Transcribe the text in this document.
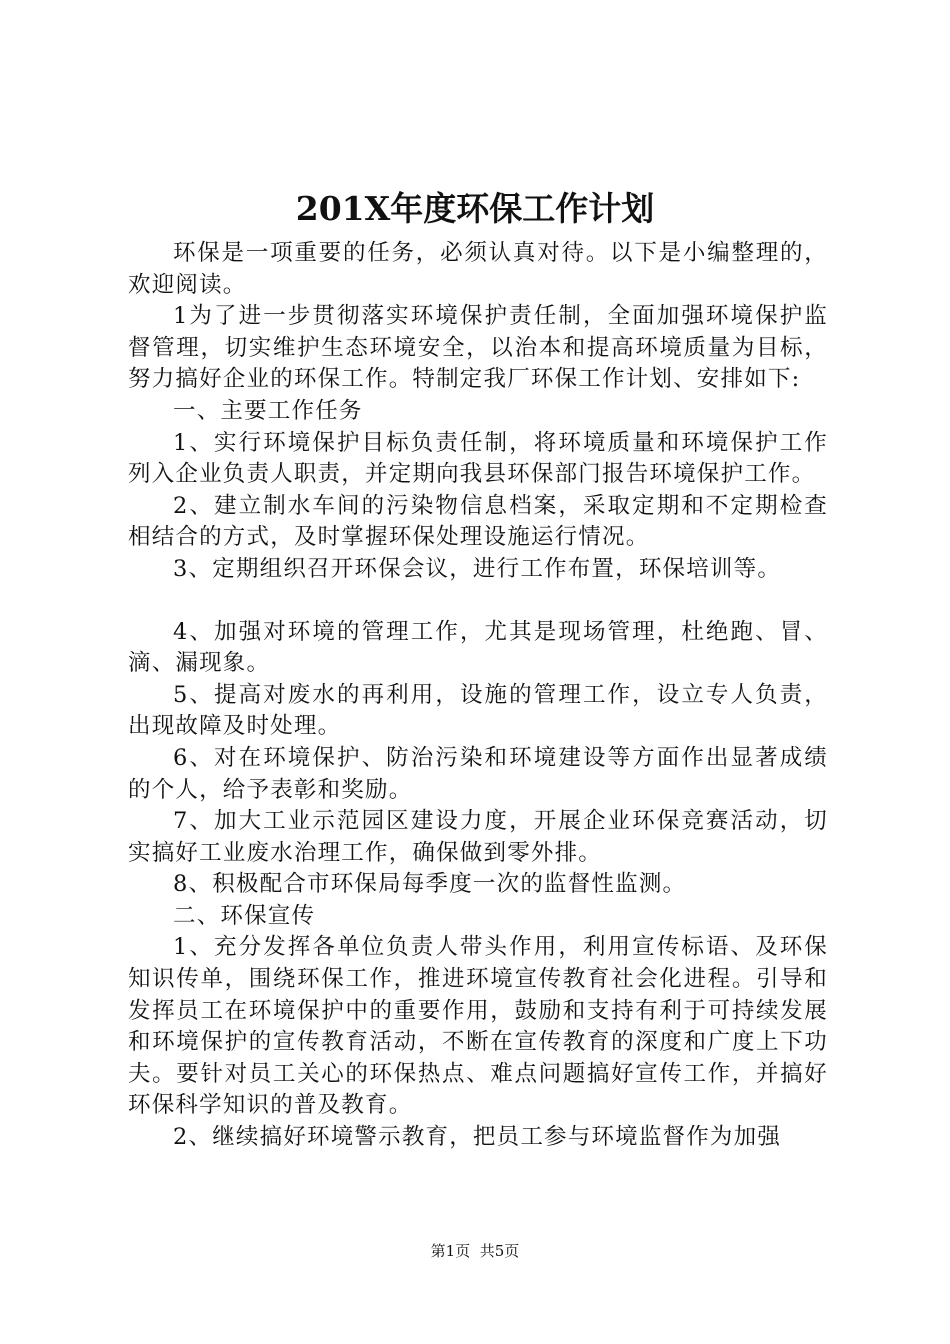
201X年度环保工作计划

环保是一项重要的任务，必须认真对待。以下是小编整理的，欢迎阅读。

1为了进一步贯彻落实环境保护责任制，全面加强环境保护监督管理，切实维护生态环境安全，以治本和提高环境质量为目标，努力搞好企业的环保工作。特制定我厂环保工作计划、安排如下:

一、主要工作任务

1、实行环境保护目标负责任制，将环境质量和环境保护工作列入企业负责人职责，并定期向我县环保部门报告环境保护工作。

2、建立制水车间的污染物信息档案，采取定期和不定期检查相结合的方式，及时掌握环保处理设施运行情况。

3、定期组织召开环保会议，进行工作布置，环保培训等。

4、加强对环境的管理工作，尤其是现场管理，杜绝跑、冒、滴、漏现象。

5、提高对废水的再利用，设施的管理工作，设立专人负责，出现故障及时处理。

6、对在环境保护、防治污染和环境建设等方面作出显著成绩的个人，给予表彰和奖励。

7、加大工业示范园区建设力度，开展企业环保竞赛活动，切实搞好工业废水治理工作，确保做到零外排。

8、积极配合市环保局每季度一次的监督性监测。

二、环保宣传

1、充分发挥各单位负责人带头作用，利用宣传标语、及环保知识传单，围绕环保工作，推进环境宣传教育社会化进程。引导和发挥员工在环境保护中的重要作用，鼓励和支持有利于可持续发展和环境保护的宣传教育活动，不断在宣传教育的深度和广度上下功夫。要针对员工关心的环保热点、难点问题搞好宣传工作，并搞好环保科学知识的普及教育。

2、继续搞好环境警示教育，把员工参与环境监督作为加强

第1页 共5页
